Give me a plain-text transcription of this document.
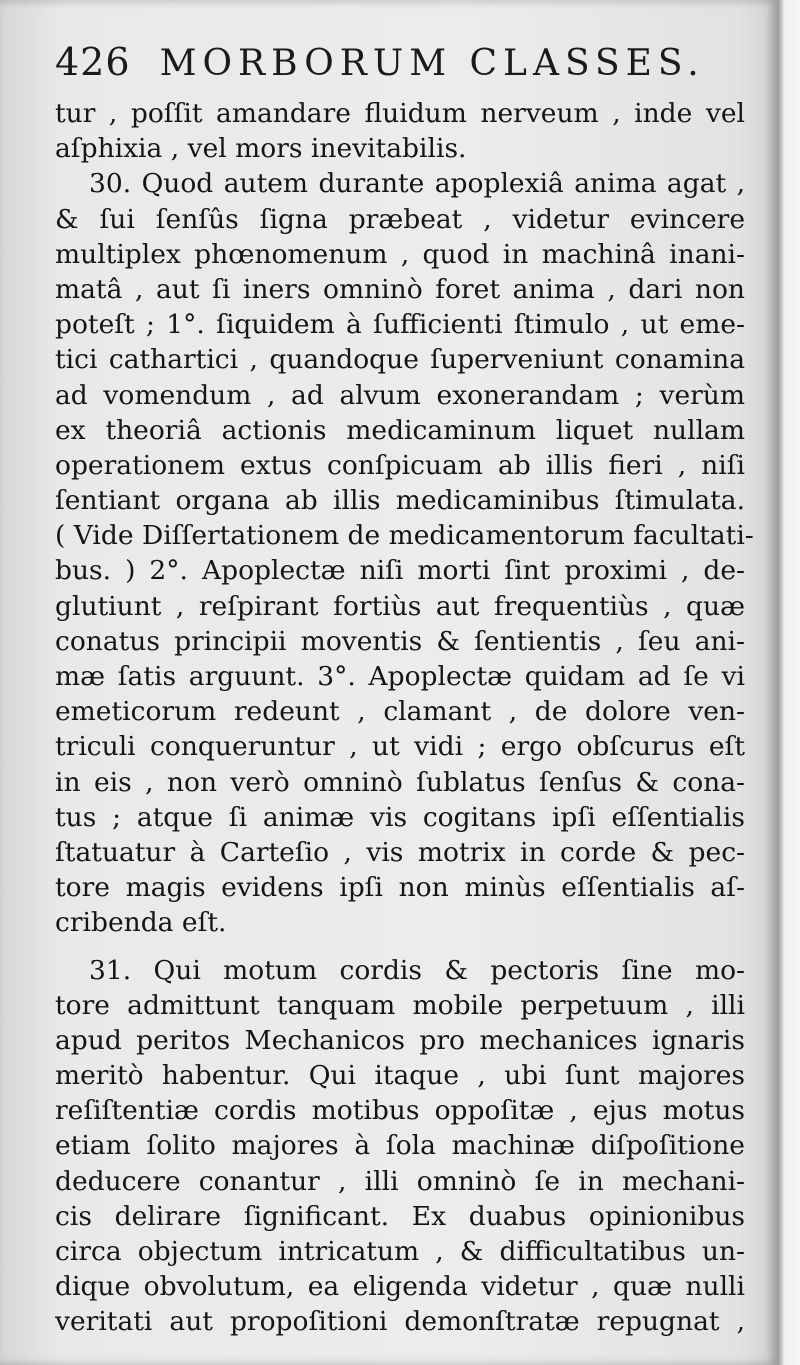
426 MORBORUM CLASSES.
tur , poſſit amandare fluidum nerveum , inde vel
aſphixia , vel mors inevitabilis.
30. Quod autem durante apoplexiâ anima agat ,
& ſui ſenſûs ſigna præbeat , videtur evincere
multiplex phœnomenum , quod in machinâ inani-
matâ , aut ſi iners omninò foret anima , dari non
poteſt ; 1°. ſiquidem à ſufficienti ſtimulo , ut eme-
tici cathartici , quandoque ſuperveniunt conamina
ad vomendum , ad alvum exonerandam ; verùm
ex theoriâ actionis medicaminum liquet nullam
operationem extus conſpicuam ab illis fieri , niſi
ſentiant organa ab illis medicaminibus ſtimulata.
( Vide Diſſertationem de medicamentorum facultati-
bus. ) 2°. Apoplectæ niſi morti ſint proximi , de-
glutiunt , reſpirant fortiùs aut frequentiùs , quæ
conatus principii moventis & ſentientis , ſeu ani-
mæ ſatis arguunt. 3°. Apoplectæ quidam ad ſe vi
emeticorum redeunt , clamant , de dolore ven-
triculi conqueruntur , ut vidi ; ergo obſcurus eſt
in eis , non verò omninò ſublatus ſenſus & cona-
tus ; atque ſi animæ vis cogitans ipſi eſſentialis
ſtatuatur à Carteſio , vis motrix in corde & pec-
tore magis evidens ipſi non minùs eſſentialis aſ-
cribenda eſt.
31. Qui motum cordis & pectoris ſine mo-
tore admittunt tanquam mobile perpetuum , illi
apud peritos Mechanicos pro mechanices ignaris
meritò habentur. Qui itaque , ubi ſunt majores
reſiſtentiæ cordis motibus oppoſitæ , ejus motus
etiam ſolito majores à ſola machinæ diſpoſitione
deducere conantur , illi omninò ſe in mechani-
cis delirare ſignificant. Ex duabus opinionibus
circa objectum intricatum , & difficultatibus un-
dique obvolutum, ea eligenda videtur , quæ nulli
veritati aut propoſitioni demonſtratæ repugnat ,
